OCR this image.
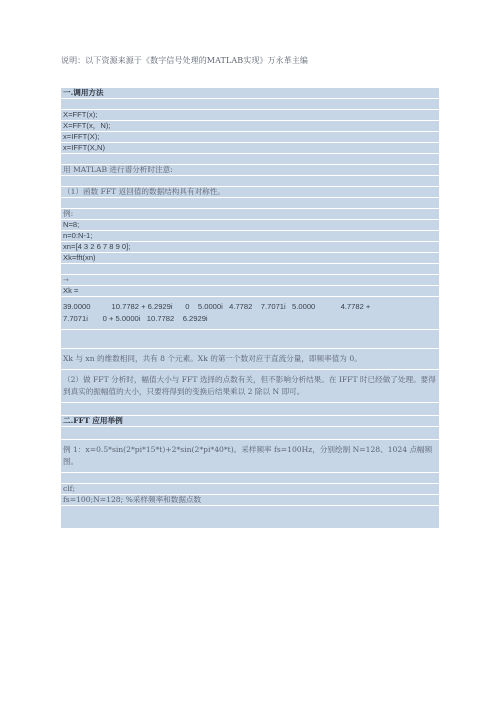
说明：以下资源来源于《数字信号处理的MATLAB实现》万永革主编
一.调用方法
X=FFT(x);
X=FFT(x，N);
x=IFFT(X);
x=IFFT(X,N)
用 MATLAB 进行谱分析时注意:
（1）函数 FFT 返回值的数据结构具有对称性。
例:
N=8;
n=0:N-1;
xn=[4 3 2 6 7 8 9 0];
Xk=fft(xn)
→
Xk =
39.0000          10.7782 + 6.2929i      0    5.0000i   4.7782    7.7071i   5.0000            4.7782 +
7.7071i       0 + 5.0000i   10.7782    6.2929i
Xk 与 xn 的维数相同，共有 8 个元素。Xk 的第一个数对应于直流分量，即频率值为 0。
（2）做 FFT 分析时，幅值大小与 FFT 选择的点数有关，但不影响分析结果。在 IFFT 时已经做了处理。要得到真实的振幅值的大小，只要将得到的变换后结果乘以 2 除以 N 即可。
二.FFT 应用举例
例 1：x=0.5*sin(2*pi*15*t)+2*sin(2*pi*40*t)。采样频率 fs=100Hz，分别绘制 N=128、1024 点幅频图。
clf;
fs=100;N=128; %采样频率和数据点数
